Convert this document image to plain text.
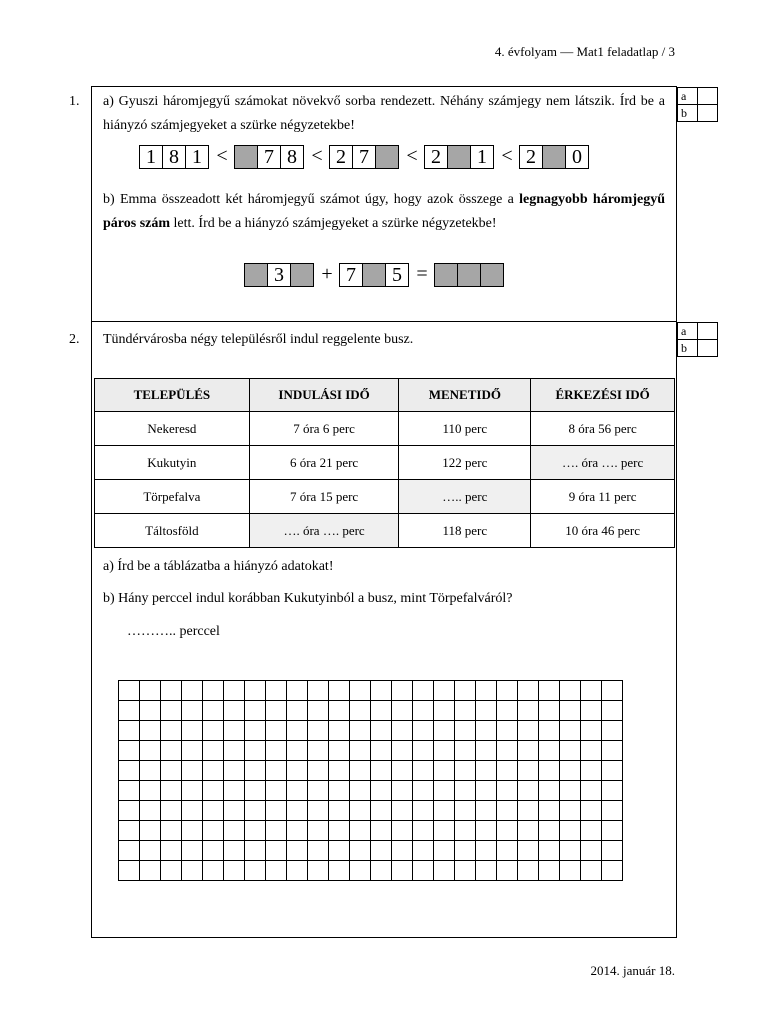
4. évfolyam — Mat1 feladatlap / 3
1. a) Gyuszi háromjegyű számokat növekvő sorba rendezett. Néhány számjegy nem látszik. Írd be a hiányzó számjegyeket a szürke négyzetekbe!
1 8 1 <	7 8 < 2 7	< 2	1 < 2	0
b) Emma összeadott két háromjegyű számot úgy, hogy azok összege a legnagyobb háromjegyű páros szám lett. Írd be a hiányzó számjegyeket a szürke négyzetekbe!
3	+ 7	5 =
a
b
2. Tündérvárosba négy településről indul reggelente busz.
a
b
TELEPÜLÉS	INDULÁSI IDŐ	MENETIDŐ	ÉRKEZÉSI IDŐ
Nekeresd	7 óra 6 perc	110 perc	8 óra 56 perc
Kukutyin	6 óra 21 perc	122 perc	…. óra …. perc
Törpefalva	7 óra 15 perc	….. perc	9 óra 11 perc
Táltosföld	…. óra …. perc	118 perc	10 óra 46 perc
a) Írd be a táblázatba a hiányzó adatokat!
b) Hány perccel indul korábban Kukutyinból a busz, mint Törpefalváról?
……….. perccel

2014. január 18.
